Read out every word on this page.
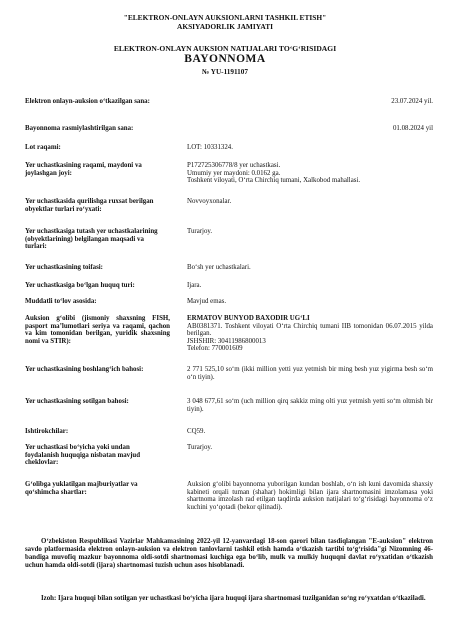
"ELEKTRON-ONLAYN AUKSIONLARNI TASHKIL ETISH"
AKSIYADORLIK JAMIYATI
ELEKTRON-ONLAYN AUKSION NATIJALARI TO‘G‘RISIDAGI
BAYONNOMA
№ YU-1191107
Elektron onlayn-auksion o‘tkazilgan sana:	23.07.2024 yil.
Bayonnoma rasmiylashtirilgan sana:	01.08.2024 yil
Lot raqami:	LOT: 10331324.
Yer uchastkasining raqami, maydoni va joylashgan joyi:
P172725306778/8 yer uchastkasi.
Umumiy yer maydoni: 0.0162 ga.
Toshkent viloyati, O‘rta Chirchiq tumani, Xalkobod mahallasi.
Yer uchastkasida qurilishga ruxsat berilgan obyektlar turlari ro‘yxati:
Novvoyxonalar.
Yer uchastkasiga tutash yer uchastkalarining (obyektlarining) belgilangan maqsadi va turlari:
Turarjoy.
Yer uchastkasining toifasi:	Bo‘sh yer uchastkalari.
Yer uchastkasiga bo‘lgan huquq turi:	Ijara.
Muddatli to‘lov asosida:	Mavjud emas.
Auksion g‘olibi (jismoniy shaxsning FISH, pasport ma’lumotlari seriya va raqami, qachon va kim tomonidan berilgan, yuridik shaxsning nomi va STIR):
ERMATOV BUNYOD BAXODIR UG‘LI
AB0381371. Toshkent viloyati O‘rta Chirchiq tumani IIB tomonidan 06.07.2015 yilda berilgan.
JSHSHIR: 30411986800013
Telefon: 770001609
Yer uchastkasining boshlang‘ich bahosi:	2 771 525,10 so‘m (ikki million yetti yuz yetmish bir ming besh yuz yigirma besh so‘m o‘n tiyin).
Yer uchastkasining sotilgan bahosi:	3 048 677,61 so‘m (uch million qirq sakkiz ming olti yuz yetmish yetti so‘m oltmish bir tiyin).
Ishtirokchilar:	CQ59.
Yer uchastkasi bo‘yicha yoki undan foydalanish huquqiga nisbatan mavjud cheklovlar:
Turarjoy.
G‘olibga yuklatilgan majburiyatlar va qo‘shimcha shartlar:
Auksion g‘olibi bayonnoma yuborilgan kundan boshlab, o‘n ish kuni davomida shaxsiy kabineti orqali tuman (shahar) hokimligi bilan ijara shartnomasini imzolamasa yoki shartnoma imzolash rad etilgan taqdirda auksion natijalari to‘g‘risidagi bayonnoma o‘z kuchini yo‘qotadi (bekor qilinadi).
O‘zbekiston Respublikasi Vazirlar Mahkamasining 2022-yil 12-yanvardagi 18-son qarori bilan tasdiqlangan "E-auksion" elektron savdo platformasida elektron onlayn-auksion va elektron tanlovlarni tashkil etish hamda o‘tkazish tartibi to‘g‘risida"gi Nizomning 46-bandiga muvofiq mazkur bayonnoma oldi-sotdi shartnomasi kuchiga ega bo‘lib, mulk va mulkiy huquqni davlat ro‘yxatidan o‘tkazish uchun hamda oldi-sotdi (ijara) shartnomasi tuzish uchun asos hisoblanadi.
Izoh: Ijara huquqi bilan sotilgan yer uchastkasi bo‘yicha ijara huquqi ijara shartnomasi tuzilganidan so‘ng ro‘yxatdan o‘tkaziladi.
